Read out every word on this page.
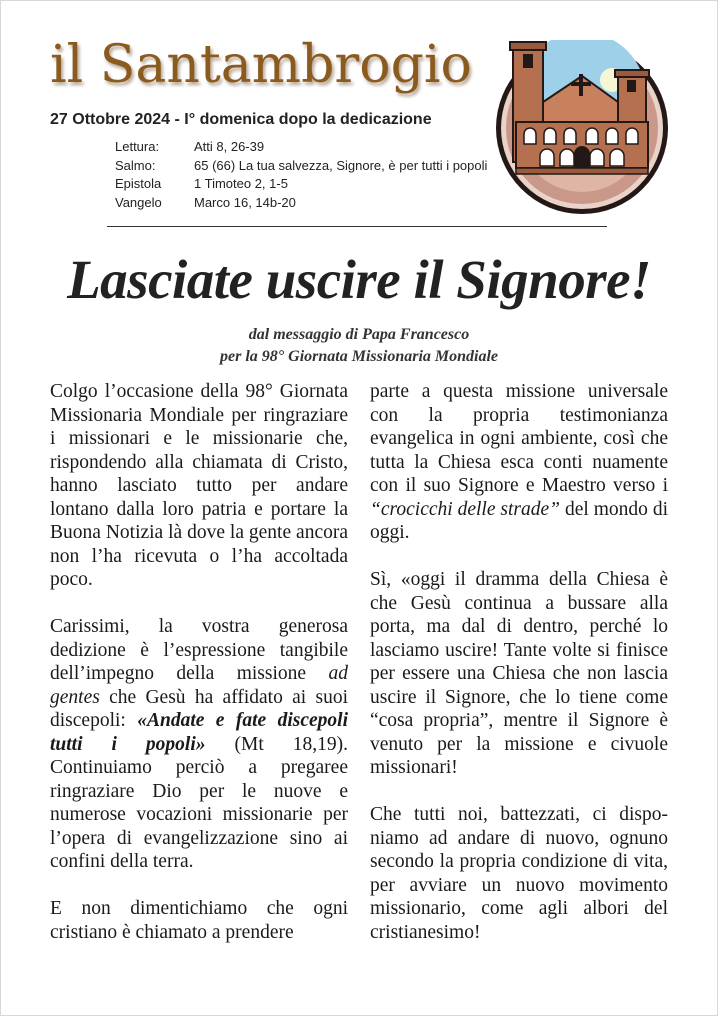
il Santambrogio
27 Ottobre 2024 - I° domenica dopo la dedicazione
Lettura:	Atti 8, 26-39
Salmo:	65 (66) La tua salvezza, Signore, è per tutti i popoli
Epistola	1 Timoteo 2, 1-5
Vangelo	Marco 16, 14b-20
Lasciate uscire il Signore!
dal messaggio di Papa Francesco
per la 98° Giornata Missionaria Mondiale

Colgo l’occasione della 98° Giornata Missionaria Mondiale per ringraziare i missionari e le missionarie che, rispondendo alla chiamata di Cristo, hanno lasciato tutto per andare lontano dalla loro patria e portare la Buona Notizia là dove la gente ancora non l’ha ricevuta o l’ha accoltada poco.

Carissimi, la vostra generosa dedizione è l’espressione tangibile dell’impegno della missione ad gentes che Gesù ha affidato ai suoi discepoli: «Andate e fate discepoli tutti i popoli» (Mt 18,19). Continuiamo perciò a pregaree ringraziare Dio per le nuove e numerose vocazioni missionarie per l’opera di evangelizzazione sino ai confini della terra.

E non dimentichiamo che ogni cristiano è chiamato a prendere

parte a questa missione universale con la propria testimonianza evangelica in ogni ambiente, così che tutta la Chiesa esca conti nuamente con il suo Signore e Maestro verso i “crocicchi delle strade” del mondo di oggi.

Sì, «oggi il dramma della Chiesa è che Gesù continua a bussare alla porta, ma dal di dentro, perché lo lasciamo uscire! Tante volte si finisce per essere una Chiesa che non lascia uscire il Signore, che lo tiene come “cosa propria”, mentre il Signore è venuto per la missione e civuole missionari!

Che tutti noi, battezzati, ci dispo-niamo ad andare di nuovo, ognuno secondo la propria condizione di vita, per avviare un nuovo movimento missionario, come agli albori del cristianesimo!
